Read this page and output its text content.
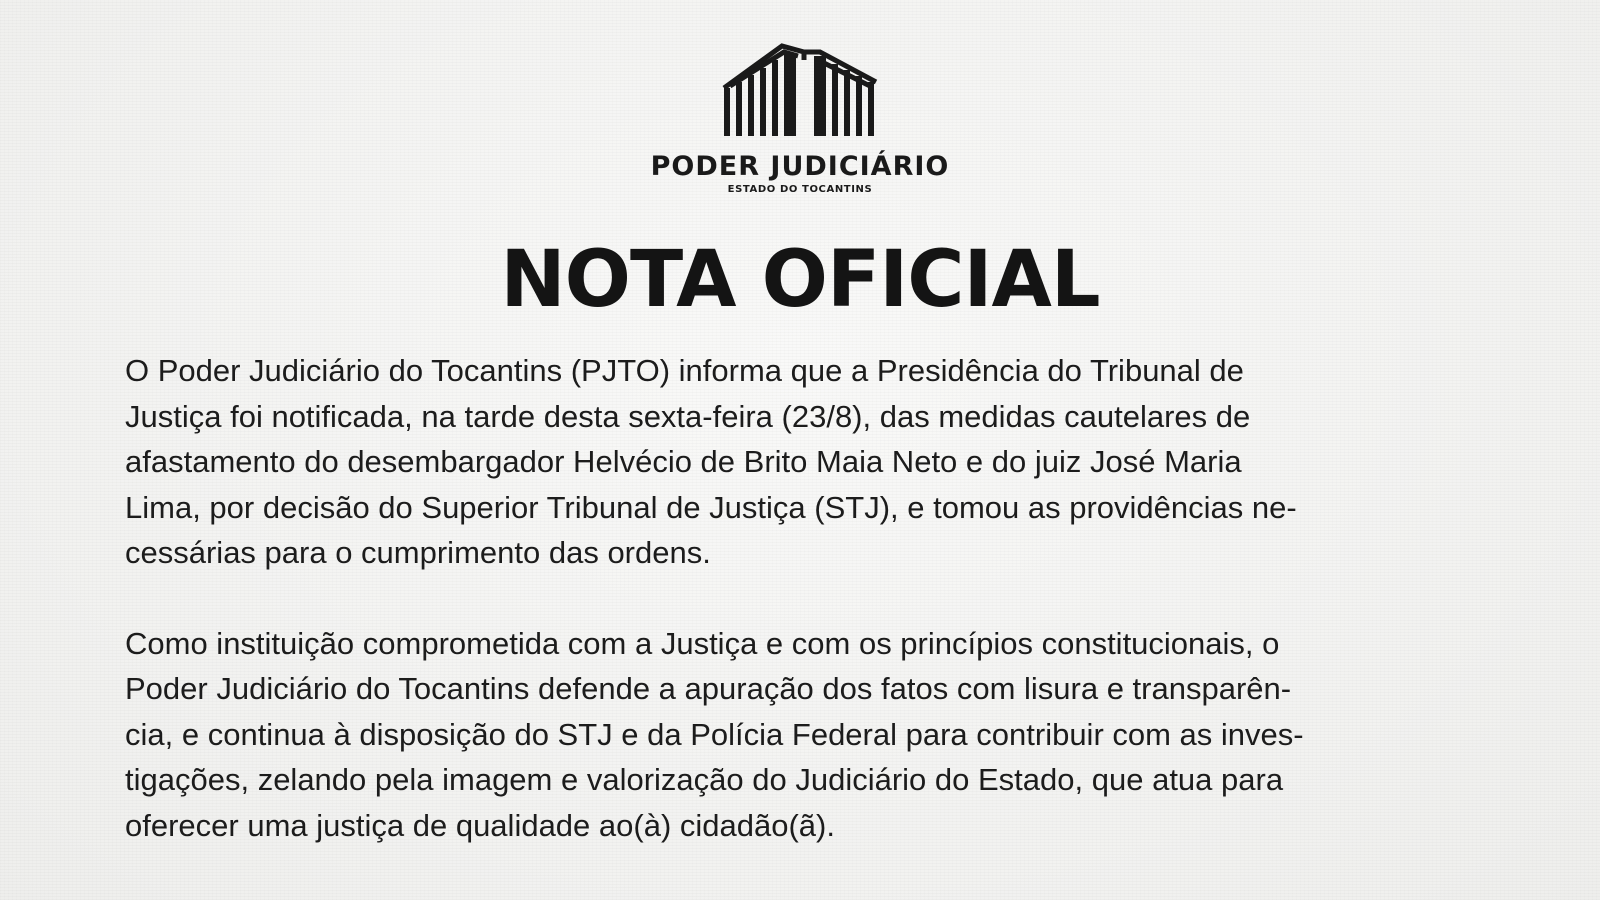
PODER JUDICIÁRIO
ESTADO DO TOCANTINS
NOTA OFICIAL

O Poder Judiciário do Tocantins (PJTO) informa que a Presidência do Tribunal de
Justiça foi notificada, na tarde desta sexta-feira (23/8), das medidas cautelares de
afastamento do desembargador Helvécio de Brito Maia Neto e do juiz José Maria
Lima, por decisão do Superior Tribunal de Justiça (STJ), e tomou as providências ne-
cessárias para o cumprimento das ordens.

Como instituição comprometida com a Justiça e com os princípios constitucionais, o
Poder Judiciário do Tocantins defende a apuração dos fatos com lisura e transparên-
cia, e continua à disposição do STJ e da Polícia Federal para contribuir com as inves-
tigações, zelando pela imagem e valorização do Judiciário do Estado, que atua para
oferecer uma justiça de qualidade ao(à) cidadão(ã).
